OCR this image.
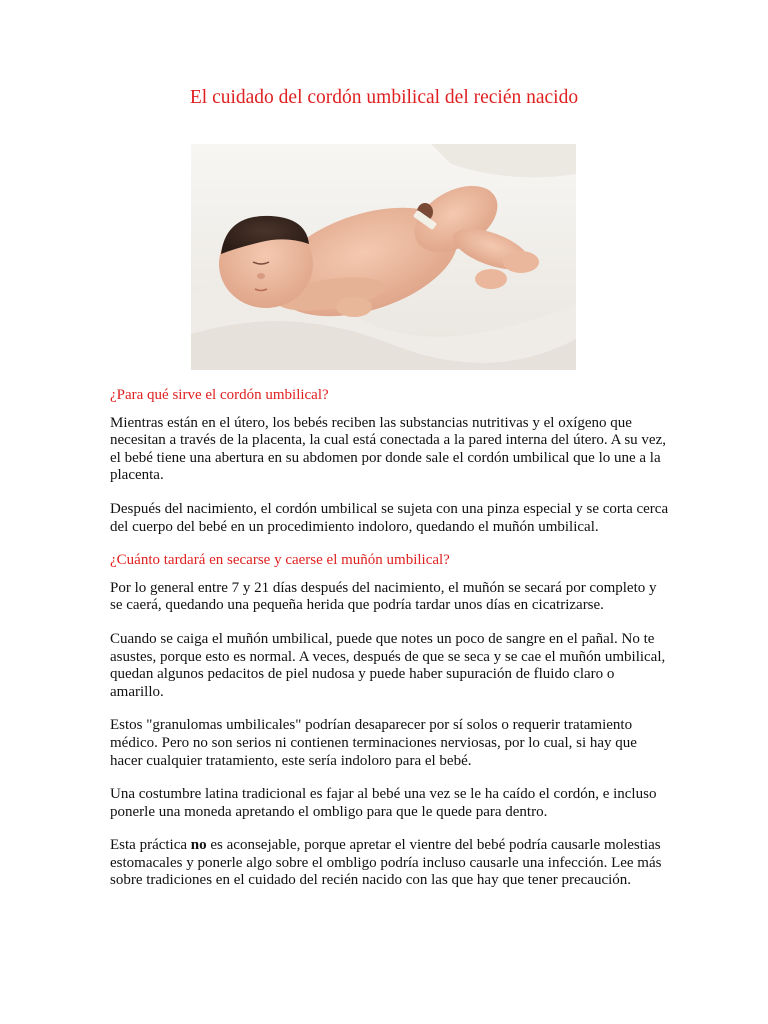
El cuidado del cordón umbilical del recién nacido
¿Para qué sirve el cordón umbilical?

Mientras están en el útero, los bebés reciben las substancias nutritivas y el oxígeno que necesitan a través de la placenta, la cual está conectada a la pared interna del útero. A su vez, el bebé tiene una abertura en su abdomen por donde sale el cordón umbilical que lo une a la placenta.

Después del nacimiento, el cordón umbilical se sujeta con una pinza especial y se corta cerca del cuerpo del bebé en un procedimiento indoloro, quedando el muñón umbilical.

¿Cuánto tardará en secarse y caerse el muñón umbilical?

Por lo general entre 7 y 21 días después del nacimiento, el muñón se secará por completo y se caerá, quedando una pequeña herida que podría tardar unos días en cicatrizarse.

Cuando se caiga el muñón umbilical, puede que notes un poco de sangre en el pañal. No te asustes, porque esto es normal. A veces, después de que se seca y se cae el muñón umbilical, quedan algunos pedacitos de piel nudosa y puede haber supuración de fluido claro o amarillo.

Estos "granulomas umbilicales" podrían desaparecer por sí solos o requerir tratamiento médico. Pero no son serios ni contienen terminaciones nerviosas, por lo cual, si hay que hacer cualquier tratamiento, este sería indoloro para el bebé.

Una costumbre latina tradicional es fajar al bebé una vez se le ha caído el cordón, e incluso ponerle una moneda apretando el ombligo para que le quede para dentro.

Esta práctica no es aconsejable, porque apretar el vientre del bebé podría causarle molestias estomacales y ponerle algo sobre el ombligo podría incluso causarle una infección. Lee más sobre tradiciones en el cuidado del recién nacido con las que hay que tener precaución.
